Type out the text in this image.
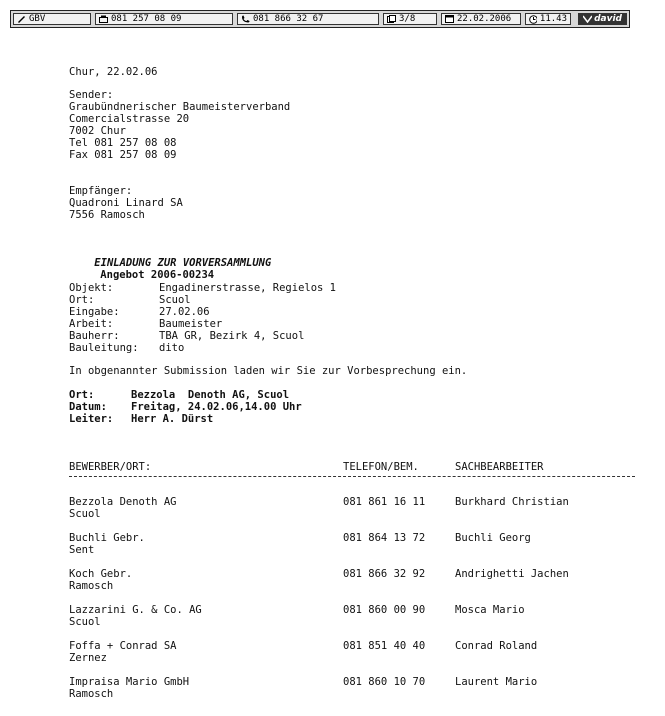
GBV	081 257 08 09	081 866 32 67	3/8	22.02.2006	11.43	david
Chur, 22.02.06
Sender:
Graubündnerischer Baumeisterverband
Comercialstrasse 20
7002 Chur
Tel 081 257 08 08
Fax 081 257 08 09
Empfänger:
Quadroni Linard SA
7556 Ramosch

EINLADUNG ZUR VORVERSAMMLUNG
Angebot 2006-00234

Objekt:	Engadinerstrasse, Regielos 1
Ort:	Scuol
Eingabe:	27.02.06
Arbeit:	Baumeister
Bauherr:	TBA GR, Bezirk 4, Scuol
Bauleitung: dito
In obgenannter Submission laden wir Sie zur Vorbesprechung ein.
Ort:	Bezzola  Denoth AG, Scuol
Datum: Freitag, 24.02.06,14.00 Uhr
Leiter: Herr A. Dürst
BEWERBER/ORT:	TELEFON/BEM.	SACHBEARBEITER
Bezzola Denoth AG
Scuol
081 861 16 11	Burkhard Christian
Buchli Gebr.
Sent
081 864 13 72	Buchli Georg
Koch Gebr.
Ramosch
081 866 32 92	Andrighetti Jachen
Lazzarini G. & Co. AG
Scuol
081 860 00 90	Mosca Mario
Foffa + Conrad SA
Zernez
081 851 40 40	Conrad Roland
Impraisa Mario GmbH
Ramosch
081 860 10 70	Laurent Mario
